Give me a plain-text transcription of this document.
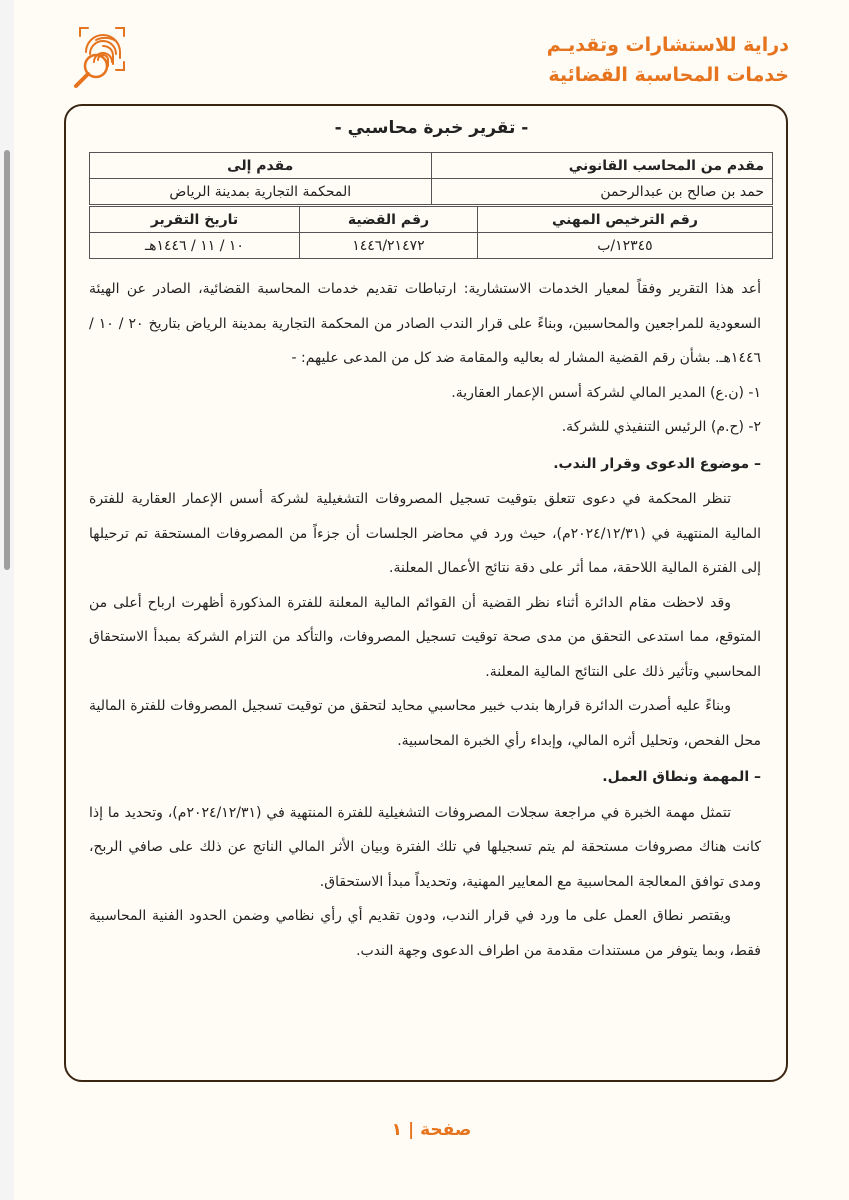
دراية للاستشارات وتقديـم
خدمات المحاسبة القضائية
- تقرير خبرة محاسبي -
مقدم من المحاسب القانوني	مقدم إلى
حمد بن صالح بن عبدالرحمن	المحكمة التجارية بمدينة الرياض
رقم الترخيص المهني	رقم القضية	تاريخ التقرير
١٢٣٤٥/ب	١٤٤٦/٢١٤٧٢	١٠ / ١١ / ١٤٤٦هـ

أعد هذا التقرير وفقاً لمعيار الخدمات الاستشارية: ارتباطات تقديم خدمات المحاسبة القضائية، الصادر عن الهيئة السعودية للمراجعين والمحاسبين، وبناءً على قرار الندب الصادر من المحكمة التجارية بمدينة الرياض بتاريخ ٢٠ / ١٠ / ١٤٤٦هـ. بشأن رقم القضية المشار له بعاليه والمقامة ضد كل من المدعى عليهم: -

١- (ن.ع) المدير المالي لشركة أسس الإعمار العقارية.

٢- (ح.م) الرئيس التنفيذي للشركة.

– موضوع الدعوى وقرار الندب.

تنظر المحكمة في دعوى تتعلق بتوقيت تسجيل المصروفات التشغيلية لشركة أسس الإعمار العقارية للفترة المالية المنتهية في (٢٠٢٤/١٢/٣١م)، حيث ورد في محاضر الجلسات أن جزءاً من المصروفات المستحقة تم ترحيلها إلى الفترة المالية اللاحقة، مما أثر على دقة نتائج الأعمال المعلنة.

وقد لاحظت مقام الدائرة أثناء نظر القضية أن القوائم المالية المعلنة للفترة المذكورة أظهرت ارباح أعلى من المتوقع، مما استدعى التحقق من مدى صحة توقيت تسجيل المصروفات، والتأكد من التزام الشركة بمبدأ الاستحقاق المحاسبي وتأثير ذلك على النتائج المالية المعلنة.

وبناءً عليه أصدرت الدائرة قرارها بندب خبير محاسبي محايد لتحقق من توقيت تسجيل المصروفات للفترة المالية محل الفحص، وتحليل أثره المالي، وإبداء رأي الخبرة المحاسبية.

– المهمة ونطاق العمل.

تتمثل مهمة الخبرة في مراجعة سجلات المصروفات التشغيلية للفترة المنتهية في (٢٠٢٤/١٢/٣١م)، وتحديد ما إذا كانت هناك مصروفات مستحقة لم يتم تسجيلها في تلك الفترة وبيان الأثر المالي الناتج عن ذلك على صافي الربح، ومدى توافق المعالجة المحاسبية مع المعايير المهنية، وتحديداً مبدأ الاستحقاق.

ويقتصر نطاق العمل على ما ورد في قرار الندب، ودون تقديم أي رأي نظامي وضمن الحدود الفنية المحاسبية فقط، وبما يتوفر من مستندات مقدمة من اطراف الدعوى وجهة الندب.

صفحة | ١
